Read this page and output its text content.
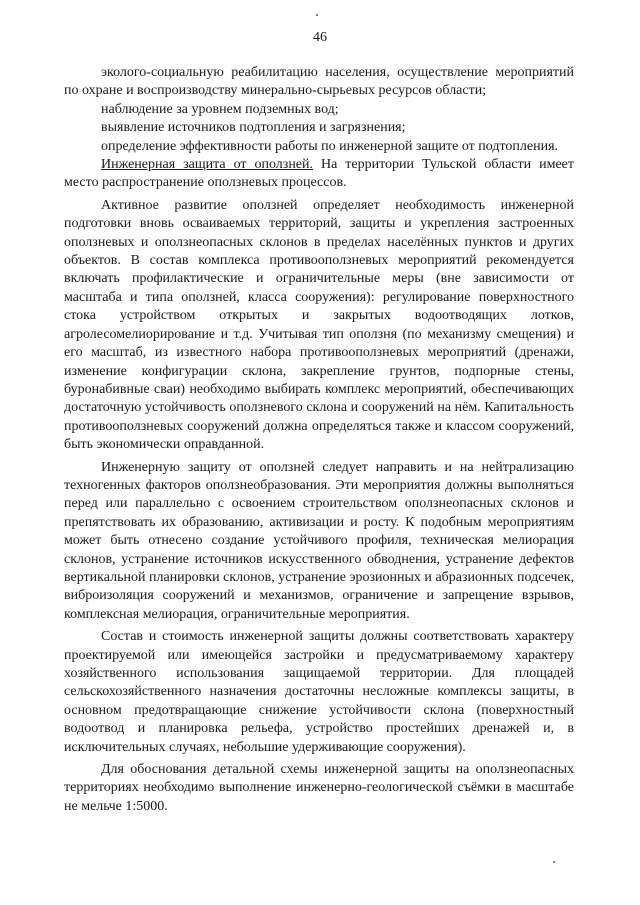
46

эколого-социальную реабилитацию населения, осуществление мероприятий по охране и воспроизводству минерально-сырьевых ресурсов области;

наблюдение за уровнем подземных вод;

выявление источников подтопления и загрязнения;

определение эффективности работы по инженерной защите от подтопления.

Инженерная защита от оползней. На территории Тульской области имеет место распространение оползневых процессов.

Активное развитие оползней определяет необходимость инженерной подготовки вновь осваиваемых территорий, защиты и укрепления застроенных оползневых и оползнеопасных склонов в пределах населённых пунктов и других объектов. В состав комплекса противооползневых мероприятий рекомендуется включать профилактические и ограничительные меры (вне зависимости от масштаба и типа оползней, класса сооружения): регулирование поверхностного стока устройством открытых и закрытых водоотводящих лотков, агролесомелиорирование и т.д. Учитывая тип оползня (по механизму смещения) и его масштаб, из известного набора противооползневых мероприятий (дренажи, изменение конфигурации склона, закрепление грунтов, подпорные стены, буронабивные сваи) необходимо выбирать комплекс мероприятий, обеспечивающих достаточную устойчивость оползневого склона и сооружений на нём. Капитальность противооползневых сооружений должна определяться также и классом сооружений, быть экономически оправданной.

Инженерную защиту от оползней следует направить и на нейтрализацию техногенных факторов оползнеобразования. Эти мероприятия должны выполняться перед или параллельно с освоением строительством оползнеопасных склонов и препятствовать их образованию, активизации и росту. К подобным мероприятиям может быть отнесено создание устойчивого профиля, техническая мелиорация склонов, устранение источников искусственного обводнения, устранение дефектов вертикальной планировки склонов, устранение эрозионных и абразионных подсечек, виброизоляция сооружений и механизмов, ограничение и запрещение взрывов, комплексная мелиорация, ограничительные мероприятия.

Состав и стоимость инженерной защиты должны соответствовать характеру проектируемой или имеющейся застройки и предусматриваемому характеру хозяйственного использования защищаемой территории. Для площадей сельскохозяйственного назначения достаточны несложные комплексы защиты, в основном предотвращающие снижение устойчивости склона (поверхностный водоотвод и планировка рельефа, устройство простейших дренажей и, в исключительных случаях, небольшие удерживающие сооружения).

Для обоснования детальной схемы инженерной защиты на оползнеопасных территориях необходимо выполнение инженерно-геологической съёмки в масштабе не мельче 1:5000.
